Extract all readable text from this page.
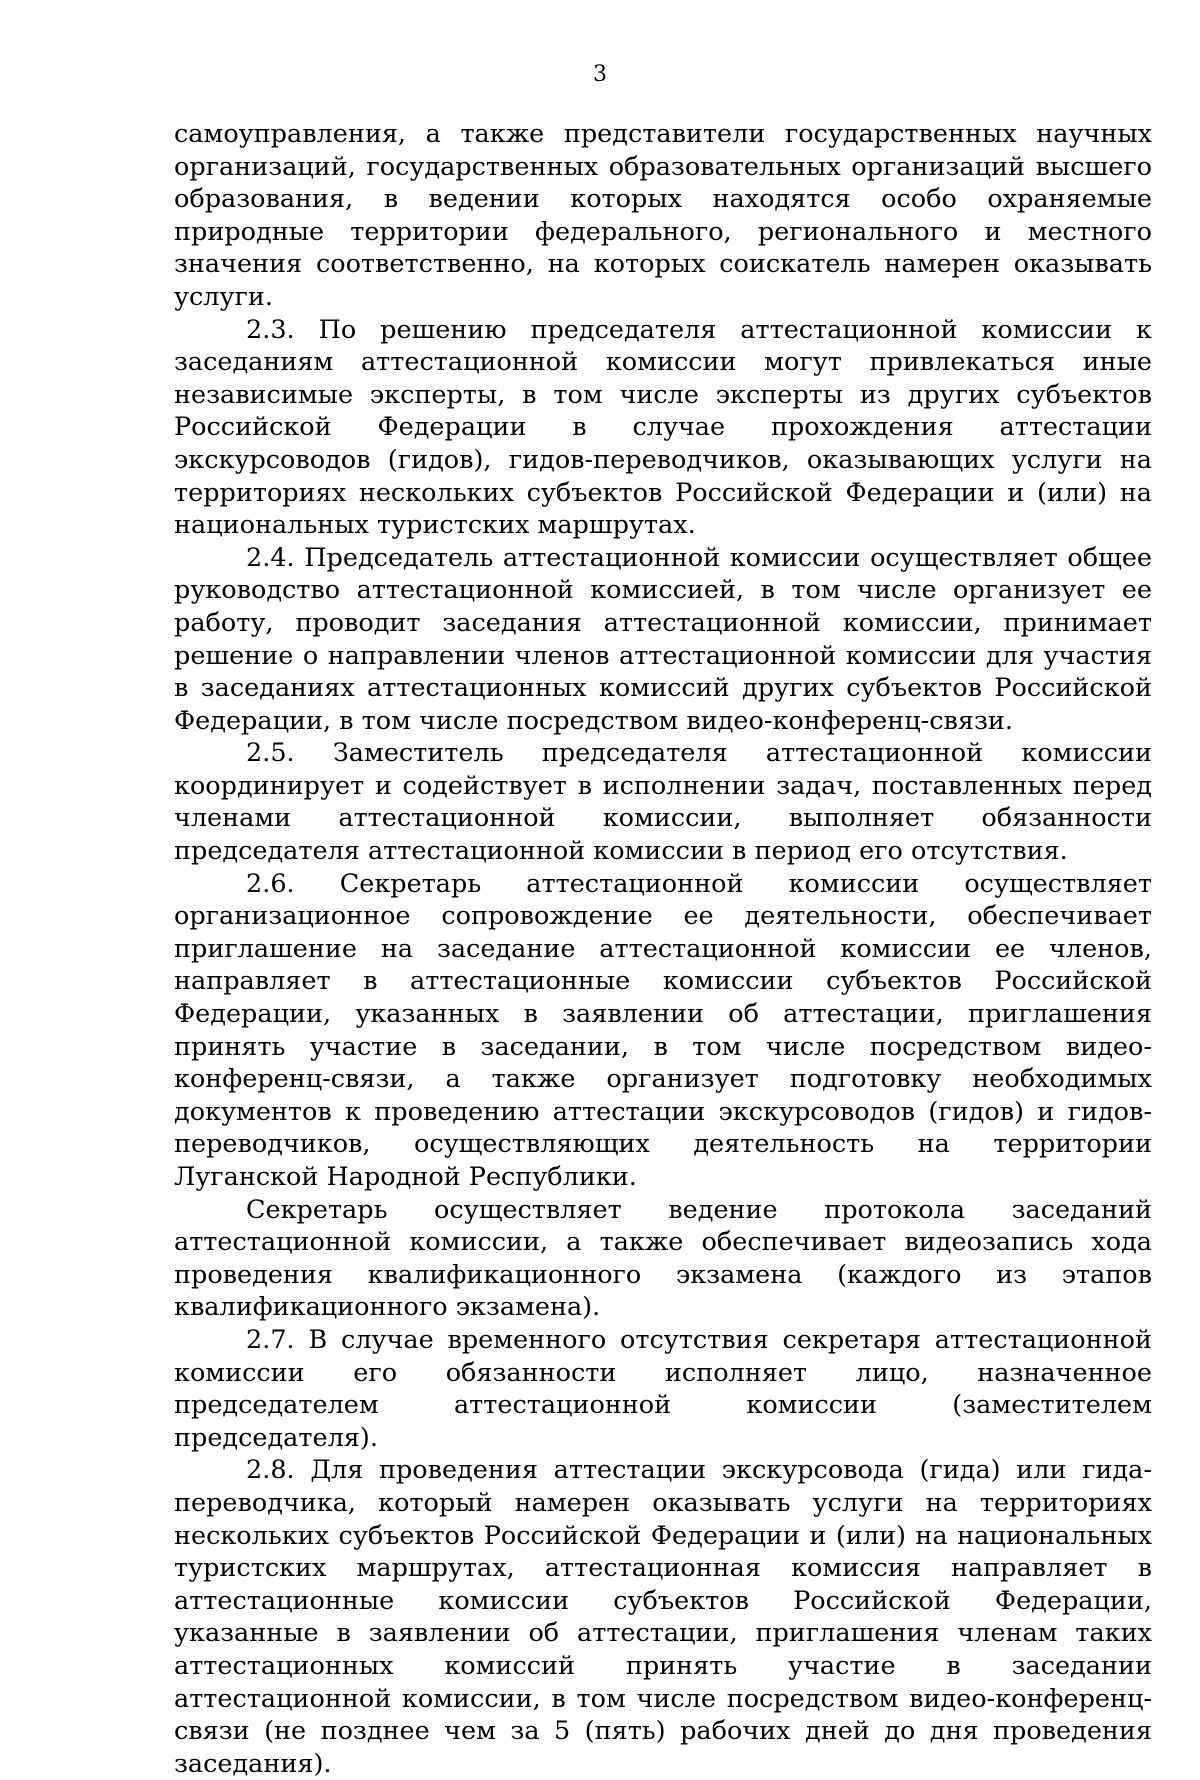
3

самоуправления, а также представители государственных научных организаций, государственных образовательных организаций высшего образования, в ведении которых находятся особо охраняемые природные территории федерального, регионального и местного значения соответственно, на которых соискатель намерен оказывать услуги.

2.3. По решению председателя аттестационной комиссии к заседаниям аттестационной комиссии могут привлекаться иные независимые эксперты, в том числе эксперты из других субъектов Российской Федерации в случае прохождения аттестации экскурсоводов (гидов), гидов-переводчиков, оказывающих услуги на территориях нескольких субъектов Российской Федерации и (или) на национальных туристских маршрутах.

2.4. Председатель аттестационной комиссии осуществляет общее руководство аттестационной комиссией, в том числе организует ее работу, проводит заседания аттестационной комиссии, принимает решение о направлении членов аттестационной комиссии для участия в заседаниях аттестационных комиссий других субъектов Российской Федерации, в том числе посредством видео-конференц-связи.

2.5. Заместитель председателя аттестационной комиссии координирует и содействует в исполнении задач, поставленных перед членами аттестационной комиссии, выполняет обязанности председателя аттестационной комиссии в период его отсутствия.

2.6. Секретарь аттестационной комиссии осуществляет организационное сопровождение ее деятельности, обеспечивает приглашение на заседание аттестационной комиссии ее членов, направляет в аттестационные комиссии субъектов Российской Федерации, указанных в заявлении об аттестации, приглашения принять участие в заседании, в том числе посредством видео-конференц-связи, а также организует подготовку необходимых документов к проведению аттестации экскурсоводов (гидов) и гидов-переводчиков, осуществляющих деятельность на территории Луганской Народной Республики.

Секретарь осуществляет ведение протокола заседаний аттестационной комиссии, а также обеспечивает видеозапись хода проведения квалификационного экзамена (каждого из этапов квалификационного экзамена).

2.7. В случае временного отсутствия секретаря аттестационной комиссии его обязанности исполняет лицо, назначенное председателем аттестационной комиссии (заместителем председателя).

2.8. Для проведения аттестации экскурсовода (гида) или гида-переводчика, который намерен оказывать услуги на территориях нескольких субъектов Российской Федерации и (или) на национальных туристских маршрутах, аттестационная комиссия направляет в аттестационные комиссии субъектов Российской Федерации, указанные в заявлении об аттестации, приглашения членам таких аттестационных комиссий принять участие в заседании аттестационной комиссии, в том числе посредством видео-конференц-связи (не позднее чем за 5 (пять) рабочих дней до дня проведения заседания).
